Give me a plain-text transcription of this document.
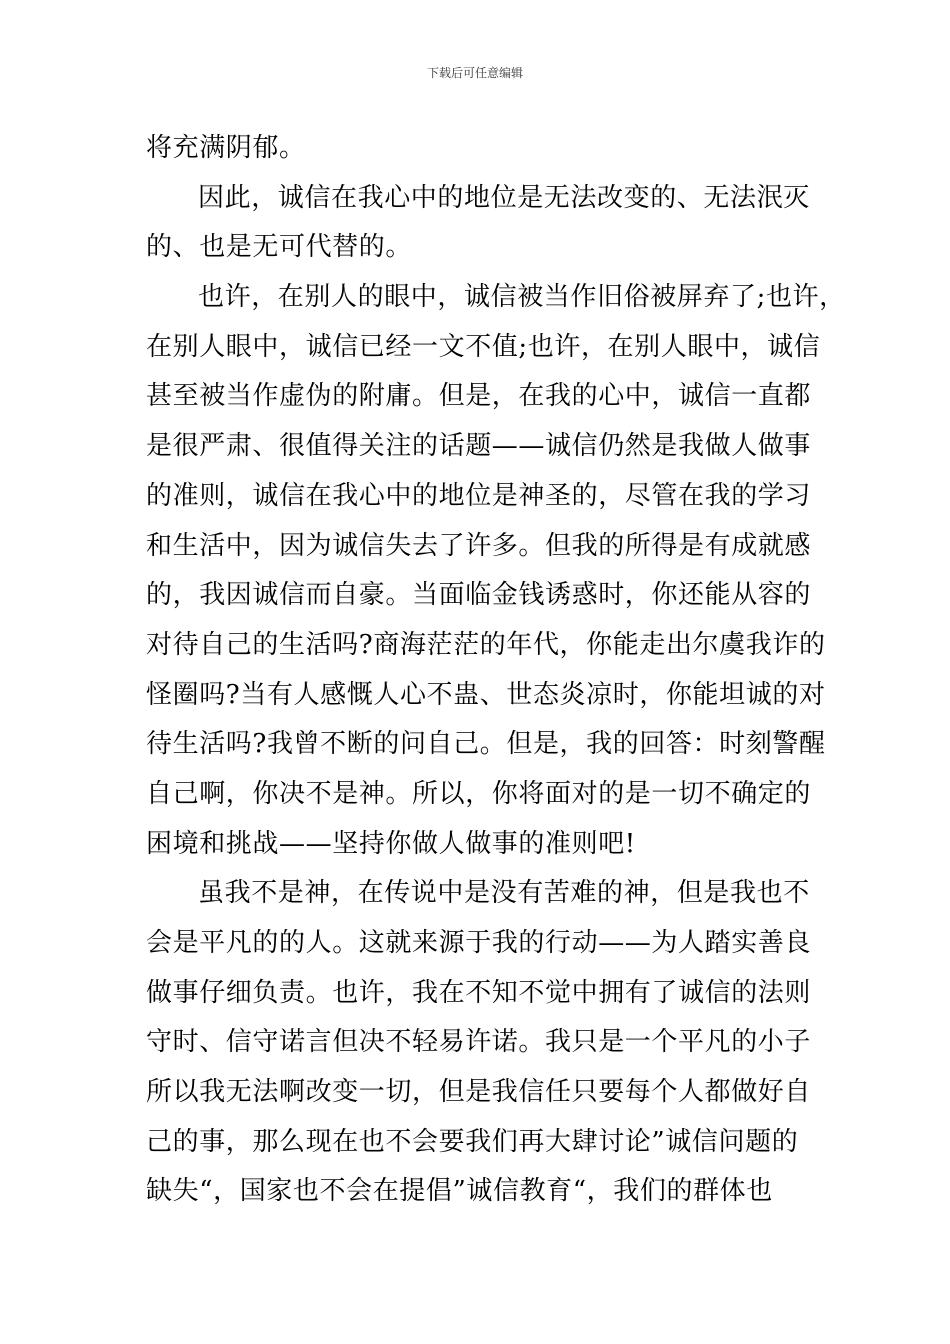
下载后可任意编辑
将充满阴郁。
因此，诚信在我心中的地位是无法改变的、无法泯灭
的、也是无可代替的。
也许，在别人的眼中，诚信被当作旧俗被屏弃了;也许，
在别人眼中，诚信已经一文不值;也许，在别人眼中，诚信
甚至被当作虚伪的附庸。但是，在我的心中，诚信一直都
是很严肃、很值得关注的话题——诚信仍然是我做人做事
的准则，诚信在我心中的地位是神圣的，尽管在我的学习
和生活中，因为诚信失去了许多。但我的所得是有成就感
的，我因诚信而自豪。当面临金钱诱惑时，你还能从容的
对待自己的生活吗?商海茫茫的年代，你能走出尔虞我诈的
怪圈吗?当有人感慨人心不蛊、世态炎凉时，你能坦诚的对
待生活吗?我曾不断的问自己。但是，我的回答：时刻警醒
自己啊，你决不是神。所以，你将面对的是一切不确定的
困境和挑战——坚持你做人做事的准则吧!
虽我不是神，在传说中是没有苦难的神，但是我也不
会是平凡的的人。这就来源于我的行动——为人踏实善良
做事仔细负责。也许，我在不知不觉中拥有了诚信的法则
守时、信守诺言但决不轻易许诺。我只是一个平凡的小子
所以我无法啊改变一切，但是我信任只要每个人都做好自
己的事，那么现在也不会要我们再大肆讨论”诚信问题的
缺失“，国家也不会在提倡”诚信教育“，我们的群体也
